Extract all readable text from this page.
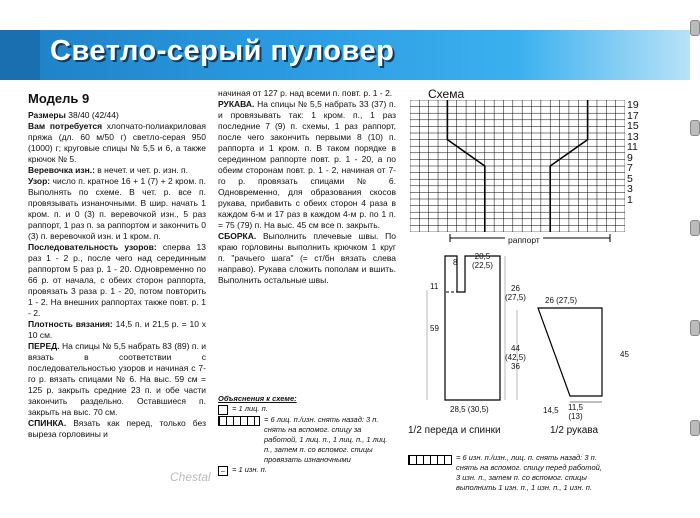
Светло-серый пуловер

Модель 9

Размеры 38/40 (42/44)

Вам потребуется хлопчато-полиакриловая пряжа (дл. 60 м/50 г) светло-серая 950 (1000) г; круговые спицы № 5,5 и 6, а также крючок № 5.

Веревочка изн.: в нечет. и чет. р. изн. п.

Узор: число п. кратное 16 + 1 (7) + 2 кром. п. Выполнять по схеме. В чет. р. все п. провязывать изнаночными. В шир. начать 1 кром. п. и 0 (3) п. веревочкой изн., 5 раз раппорт, 1 раз п. за раппортом и закончить 0 (3) п. веревочкой изн. и 1 кром. п.

Последовательность узоров: сперва 13 раз 1 - 2 р., после чего над серединным раппортом 5 раз р. 1 - 20. Одновременно по 66 р. от начала, с обеих сторон раппорта, провязать 3 раза р. 1 - 20, потом повторить 1 - 2. На внешних раппортах также повт. р. 1 - 2.

Плотность вязания: 14,5 п. и 21,5 р. = 10 х 10 см.

ПЕРЕД. На спицы № 5,5 набрать 83 (89) п. и вязать в соответствии с последовательностью узоров и начиная с 7-го р. вязать спицами № 6. На выс. 59 см = 125 р. закрыть средние 23 п. и обе части закончить раздельно. Оставшиеся п. закрыть на выс. 70 см.

СПИНКА. Вязать как перед, только без выреза горловины и

начиная от 127 р. над всеми п. повт. р. 1 - 2.

РУКАВА. На спицы № 5,5 набрать 33 (37) п. и провязывать так: 1 кром. п., 1 раз последние 7 (9) п. схемы, 1 раз раппорт, после чего закончить первыми 8 (10) п. раппорта и 1 кром. п. В таком порядке в серединном раппорте повт. р. 1 - 20, а по обеим сторонам повт. р. 1 - 2, начиная от 7-го р. провязать спицами № 6. Одновременно, для образования скосов рукава, прибавить с обеих сторон 4 раза в каждом 6-м и 17 раз в каждом 4-м р. по 1 п. = 75 (79) п. На выс. 45 см все п. закрыть.

СБОРКА. Выполнить плечевые швы. По краю горловины выполнить крючком 1 круг п. "рачьего шага" (= ст/бн вязать слева направо). Рукава сложить пополам и вшить. Выполнить остальные швы.

Объяснения к схеме:
= 1 лиц. п.
= 6 лиц. п./изн. снять назад: 3 п. снять на вспомог. спицу за работой, 1 лиц. п., 1 лиц. п., 1 лиц. п., затем п. со вспомог. спицы провязать изнаночными
– = 1 изн. п.
Схема
19
17
15
13
11
9
7
5
3
1
раппорт
8
20,5
(22,5)
11	26
(27,5)
59
44
(42,5)
36
28,5 (30,5)
1/2 переда и спинки
26 (27,5)
45
14,5 11,5
(13)
1/2 рукава
= 6 изн. п./изн., лиц. п. снять назад: 3 п. снять на вспомог. спицу перед работой, 3 изн. п., затем п. со вспомог. спицы выполнить 1 изн. п., 1 изн. п., 1 изн. п.
Chestal
